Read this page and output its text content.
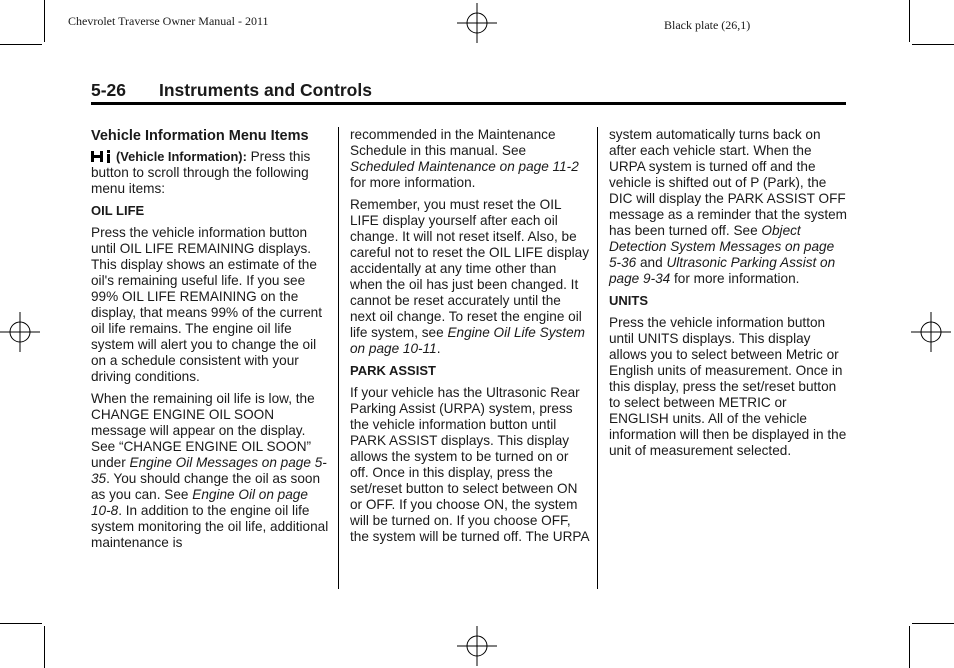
Chevrolet Traverse Owner Manual - 2011	Black plate (26,1)
5-26 Instruments and Controls
Vehicle Information Menu Items

(Vehicle Information): Press this button to scroll through the following menu items:

OIL LIFE

Press the vehicle information button until OIL LIFE REMAINING displays. This display shows an estimate of the oil's remaining useful life. If you see 99% OIL LIFE REMAINING on the display, that means 99% of the current oil life remains. The engine oil life system will alert you to change the oil on a schedule consistent with your driving conditions.

When the remaining oil life is low, the CHANGE ENGINE OIL SOON message will appear on the display. See “CHANGE ENGINE OIL SOON” under Engine Oil Messages on page 5-35. You should change the oil as soon as you can. See Engine Oil on page 10-8. In addition to the engine oil life system monitoring the oil life, additional maintenance is

recommended in the Maintenance Schedule in this manual. See Scheduled Maintenance on page 11-2 for more information.

Remember, you must reset the OIL LIFE display yourself after each oil change. It will not reset itself. Also, be careful not to reset the OIL LIFE display accidentally at any time other than when the oil has just been changed. It cannot be reset accurately until the next oil change. To reset the engine oil life system, see Engine Oil Life System on page 10-11.

PARK ASSIST

If your vehicle has the Ultrasonic Rear Parking Assist (URPA) system, press the vehicle information button until PARK ASSIST displays. This display allows the system to be turned on or off. Once in this display, press the set/reset button to select between ON or OFF. If you choose ON, the system will be turned on. If you choose OFF, the system will be turned off. The URPA

system automatically turns back on after each vehicle start. When the URPA system is turned off and the vehicle is shifted out of P (Park), the DIC will display the PARK ASSIST OFF message as a reminder that the system has been turned off. See Object Detection System Messages on page 5-36 and Ultrasonic Parking Assist on page 9-34 for more information.

UNITS

Press the vehicle information button until UNITS displays. This display allows you to select between Metric or English units of measurement. Once in this display, press the set/reset button to select between METRIC or ENGLISH units. All of the vehicle information will then be displayed in the unit of measurement selected.
